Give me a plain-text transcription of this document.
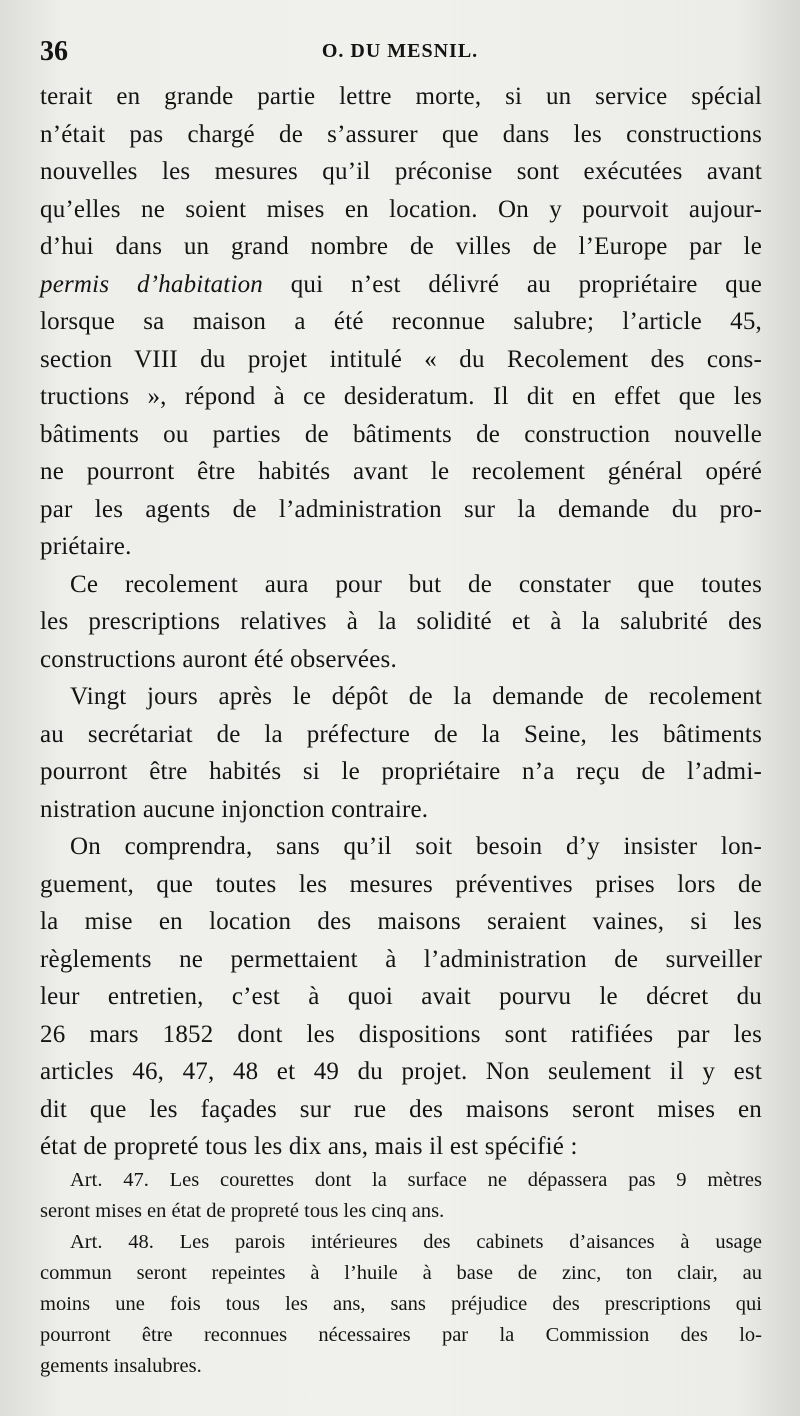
36	O. DU MESNIL.
terait en grande partie lettre morte, si un service spécial
n’était pas chargé de s’assurer que dans les constructions
nouvelles les mesures qu’il préconise sont exécutées avant
qu’elles ne soient mises en location. On y pourvoit aujour-
d’hui dans un grand nombre de villes de l’Europe par le
permis d’habitation qui n’est délivré au propriétaire que
lorsque sa maison a été reconnue salubre; l’article 45,
section VIII du projet intitulé « du Recolement des cons-
tructions », répond à ce desideratum. Il dit en effet que les
bâtiments ou parties de bâtiments de construction nouvelle
ne pourront être habités avant le recolement général opéré
par les agents de l’administration sur la demande du pro-
priétaire.
Ce recolement aura pour but de constater que toutes
les prescriptions relatives à la solidité et à la salubrité des
constructions auront été observées.
Vingt jours après le dépôt de la demande de recolement
au secrétariat de la préfecture de la Seine, les bâtiments
pourront être habités si le propriétaire n’a reçu de l’admi-
nistration aucune injonction contraire.
On comprendra, sans qu’il soit besoin d’y insister lon-
guement, que toutes les mesures préventives prises lors de
la mise en location des maisons seraient vaines, si les
règlements ne permettaient à l’administration de surveiller
leur entretien, c’est à quoi avait pourvu le décret du
26 mars 1852 dont les dispositions sont ratifiées par les
articles 46, 47, 48 et 49 du projet. Non seulement il y est
dit que les façades sur rue des maisons seront mises en
état de propreté tous les dix ans, mais il est spécifié :
Art. 47. Les courettes dont la surface ne dépassera pas 9 mètres
seront mises en état de propreté tous les cinq ans.
Art. 48. Les parois intérieures des cabinets d’aisances à usage
commun seront repeintes à l’huile à base de zinc, ton clair, au
moins une fois tous les ans, sans préjudice des prescriptions qui
pourront être reconnues nécessaires par la Commission des lo-
gements insalubres.
